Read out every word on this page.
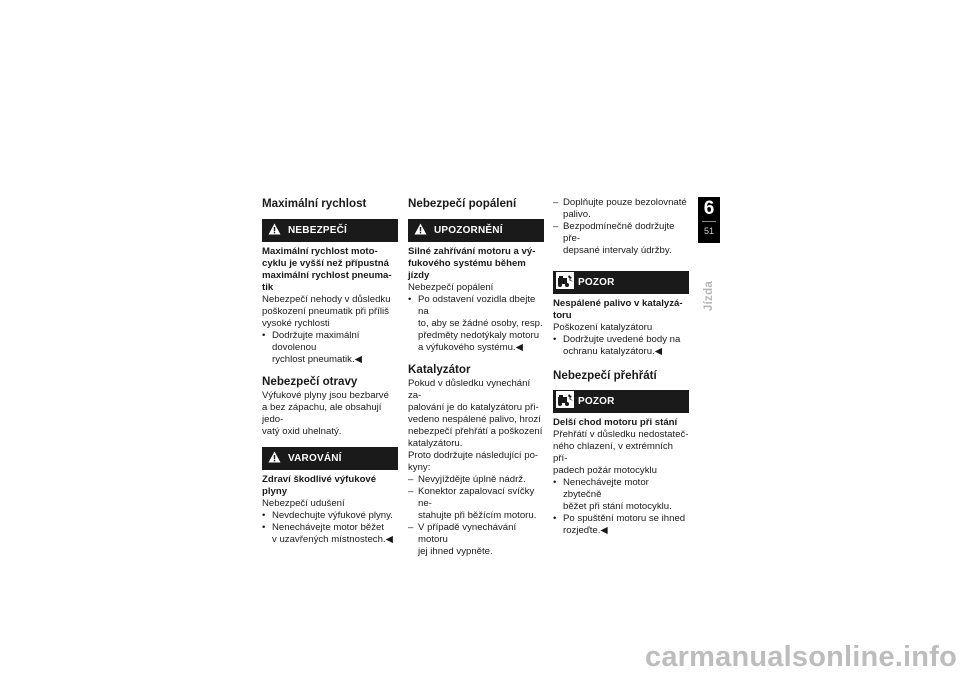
Maximální rychlost
NEBEZPEČÍ

Maximální rychlost moto-
cyklu je vyšší než přípustná
maximální rychlost pneuma-
tik

Nebezpečí nehody v důsledku
poškození pneumatik při příliš
vysoké rychlosti

• Dodržujte maximální dovolenou
rychlost pneumatik.◀
Nebezpečí otravy

Výfukové plyny jsou bezbarvé
a bez zápachu, ale obsahují jedo-
vatý oxid uhelnatý.

VAROVÁNÍ

Zdraví škodlivé výfukové
plyny

Nebezpečí udušení

• Nevdechujte výfukové plyny.
• Nenechávejte motor běžet
v uzavřených místnostech.◀
Nebezpečí popálení
UPOZORNĚNÍ

Silné zahřívání motoru a vý-
fukového systému během
jízdy

Nebezpečí popálení

• Po odstavení vozidla dbejte na
to, aby se žádné osoby, resp.
předměty nedotýkaly motoru
a výfukového systému.◀
Katalyzátor

Pokud v důsledku vynechání za-
palování je do katalyzátoru při-
vedeno nespálené palivo, hrozí
nebezpečí přehřátí a poškození
katalyzátoru.
Proto dodržujte následující po-
kyny:

– Nevyjíždějte úplně nádrž.
– Konektor zapalovací svíčky ne-
stahujte při běžícím motoru.
– V případě vynechávání motoru
jej ihned vypněte.
– Doplňujte pouze bezolovnaté
palivo.
– Bezpodmínečně dodržujte pře-
depsané intervaly údržby.
POZOR

Nespálené palivo v katalyzá-
toru

Poškození katalyzátoru

• Dodržujte uvedené body na
ochranu katalyzátoru.◀
Nebezpečí přehřátí
POZOR

Delší chod motoru při stání

Přehřátí v důsledku nedostateč-
ného chlazení, v extrémních pří-
padech požár motocyklu

• Nenechávejte motor zbytečně
běžet při stání motocyklu.
• Po spuštění motoru se ihned
rozjeďte.◀
6
51
Jízda
carmanualsonline.info
